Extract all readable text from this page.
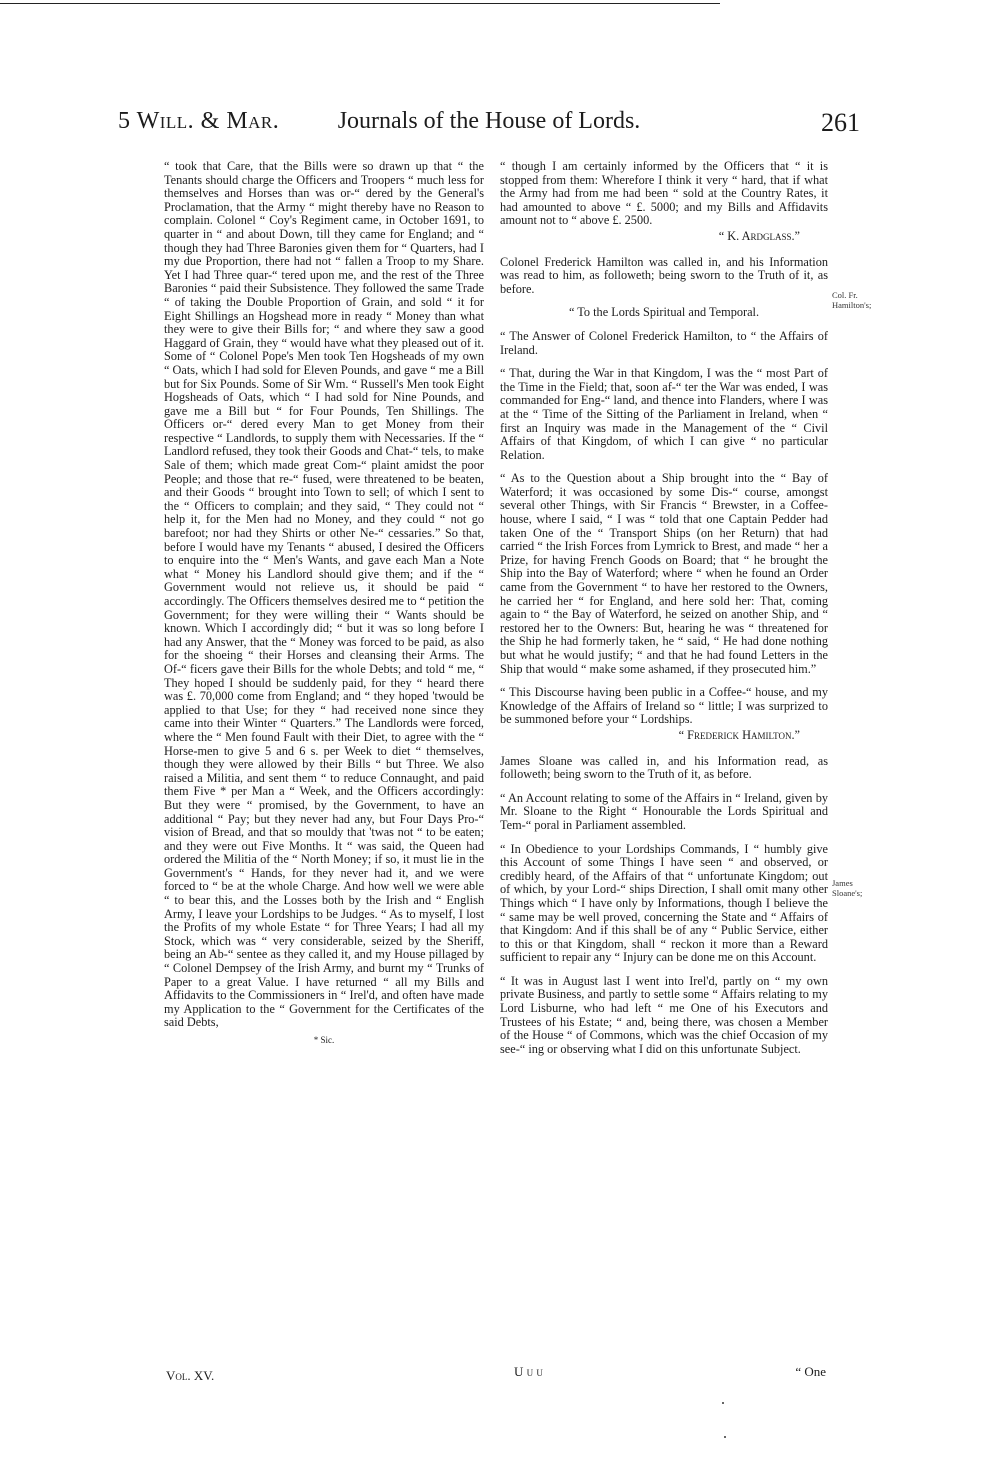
5 Will. & Mar.	Journals of the House of Lords.	261

“ took that Care, that the Bills were so drawn up that “ the Tenants should charge the Officers and Troopers “ much less for themselves and Horses than was or-“ dered by the General's Proclamation, that the Army “ might thereby have no Reason to complain. Colonel “ Coy's Regiment came, in October 1691, to quarter in “ and about Down, till they came for England; and “ though they had Three Baronies given them for “ Quarters, had I my due Proportion, there had not “ fallen a Troop to my Share. Yet I had Three quar-“ tered upon me, and the rest of the Three Baronies “ paid their Subsistence. They followed the same Trade “ of taking the Double Proportion of Grain, and sold “ it for Eight Shillings an Hogshead more in ready “ Money than what they were to give their Bills for; “ and where they saw a good Haggard of Grain, they “ would have what they pleased out of it. Some of “ Colonel Pope's Men took Ten Hogsheads of my own “ Oats, which I had sold for Eleven Pounds, and gave “ me a Bill but for Six Pounds. Some of Sir Wm. “ Russell's Men took Eight Hogsheads of Oats, which “ I had sold for Nine Pounds, and gave me a Bill but “ for Four Pounds, Ten Shillings. The Officers or-“ dered every Man to get Money from their respective “ Landlords, to supply them with Necessaries. If the “ Landlord refused, they took their Goods and Chat-“ tels, to make Sale of them; which made great Com-“ plaint amidst the poor People; and those that re-“ fused, were threatened to be beaten, and their Goods “ brought into Town to sell; of which I sent to the “ Officers to complain; and they said, “ They could not “ help it, for the Men had no Money, and they could “ not go barefoot; nor had they Shirts or other Ne-“ cessaries.” So that, before I would have my Tenants “ abused, I desired the Officers to enquire into the “ Men's Wants, and gave each Man a Note what “ Money his Landlord should give them; and if the “ Government would not relieve us, it should be paid “ accordingly. The Officers themselves desired me to “ petition the Government; for they were willing their “ Wants should be known. Which I accordingly did; “ but it was so long before I had any Answer, that the “ Money was forced to be paid, as also for the shoeing “ their Horses and cleansing their Arms. The Of-“ ficers gave their Bills for the whole Debts; and told “ me, “ They hoped I should be suddenly paid, for they “ heard there was £. 70,000 come from England; and “ they hoped 'twould be applied to that Use; for they “ had received none since they came into their Winter “ Quarters.” The Landlords were forced, where the “ Men found Fault with their Diet, to agree with the “ Horse-men to give 5 and 6 s. per Week to diet “ themselves, though they were allowed by their Bills “ but Three. We also raised a Militia, and sent them “ to reduce Connaught, and paid them Five * per Man a “ Week, and the Officers accordingly: But they were “ promised, by the Government, to have an additional “ Pay; but they never had any, but Four Days Pro-“ vision of Bread, and that so mouldy that 'twas not “ to be eaten; and they were out Five Months. It “ was said, the Queen had ordered the Militia of the “ North Money; if so, it must lie in the Government's “ Hands, for they never had it, and we were forced to “ be at the whole Charge. And how well we were able “ to bear this, and the Losses both by the Irish and “ English Army, I leave your Lordships to be Judges. “ As to myself, I lost the Profits of my whole Estate “ for Three Years; I had all my Stock, which was “ very considerable, seized by the Sheriff, being an Ab-“ sentee as they called it, and my House pillaged by “ Colonel Dempsey of the Irish Army, and burnt my “ Trunks of Paper to a great Value. I have returned “ all my Bills and Affidavits to the Commissioners in “ Irel'd, and often have made my Application to the “ Government for the Certificates of the said Debts,

* Sic.

“ though I am certainly informed by the Officers that “ it is stopped from them: Wherefore I think it very “ hard, that if what the Army had from me had been “ sold at the Country Rates, it had amounted to above “ £. 5000; and my Bills and Affidavits amount not to “ above £. 2500.

“ K. Ardglass.”

Colonel Frederick Hamilton was called in, and his Information was read to him, as followeth; being sworn to the Truth of it, as before.

“ To the Lords Spiritual and Temporal.

“ The Answer of Colonel Frederick Hamilton, to “ the Affairs of Ireland.

“ That, during the War in that Kingdom, I was the “ most Part of the Time in the Field; that, soon af-“ ter the War was ended, I was commanded for Eng-“ land, and thence into Flanders, where I was at the “ Time of the Sitting of the Parliament in Ireland, when “ first an Inquiry was made in the Management of the “ Civil Affairs of that Kingdom, of which I can give “ no particular Relation.

“ As to the Question about a Ship brought into the “ Bay of Waterford; it was occasioned by some Dis-“ course, amongst several other Things, with Sir Francis “ Brewster, in a Coffee-house, where I said, “ I was “ told that one Captain Pedder had taken One of the “ Transport Ships (on her Return) that had carried “ the Irish Forces from Lymrick to Brest, and made “ her a Prize, for having French Goods on Board; that “ he brought the Ship into the Bay of Waterford; where “ when he found an Order came from the Government “ to have her restored to the Owners, he carried her “ for England, and here sold her: That, coming again to “ the Bay of Waterford, he seized on another Ship, and “ restored her to the Owners: But, hearing he was “ threatened for the Ship he had formerly taken, he “ said, “ He had done nothing but what he would justify; “ and that he had found Letters in the Ship that would “ make some ashamed, if they prosecuted him.”

“ This Discourse having been public in a Coffee-“ house, and my Knowledge of the Affairs of Ireland so “ little; I was surprized to be summoned before your “ Lordships.

“ Frederick Hamilton.”

James Sloane was called in, and his Information read, as followeth; being sworn to the Truth of it, as before.

“ An Account relating to some of the Affairs in “ Ireland, given by Mr. Sloane to the Right “ Honourable the Lords Spiritual and Tem-“ poral in Parliament assembled.

“ In Obedience to your Lordships Commands, I “ humbly give this Account of some Things I have seen “ and observed, or credibly heard, of the Affairs of that “ unfortunate Kingdom; out of which, by your Lord-“ ships Direction, I shall omit many other Things which “ I have only by Informations, though I believe the “ same may be well proved, concerning the State and “ Affairs of that Kingdom: And if this shall be of any “ Public Service, either to this or that Kingdom, shall “ reckon it more than a Reward sufficient to repair any “ Injury can be done me on this Account.

“ It was in August last I went into Irel'd, partly on “ my own private Business, and partly to settle some “ Affairs relating to my Lord Lisburne, who had left “ me One of his Executors and Trustees of his Estate; “ and, being there, was chosen a Member of the House “ of Commons, which was the chief Occasion of my see-“ ing or observing what I did on this unfortunate Subject.

Col. Fr. Hamilton's;
James Sloane's;
Vol. XV.	U u u	“ One
